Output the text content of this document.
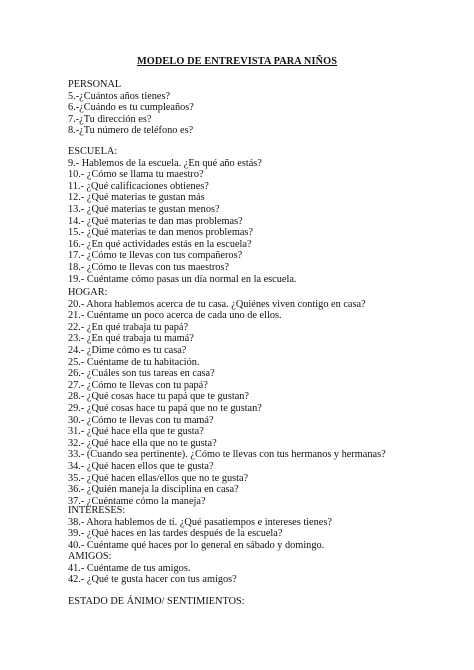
MODELO DE ENTREVISTA PARA NIÑOS
PERSONAL
5.-¿Cuántos años tienes?
6.-¿Cuándo es tu cumpleaños?
7.-¿Tu dirección es?
8.-¿Tu número de teléfono es?
ESCUELA:
9.- Hablemos de la escuela. ¿En qué año estás?
10.- ¿Cómo se llama tu maestro?
11.- ¿Qué calificaciones obtienes?
12.- ¿Qué materias te gustan más
13.- ¿Qué materias te gustan menos?
14.- ¿Qué materias te dan mas problemas?
15.- ¿Qué materias te dan menos problemas?
16.- ¿En qué actividades estás en la escuela?
17.- ¿Cómo te llevas con tus compañeros?
18.- ¿Cómo te llevas con tus maestros?
19.- Cuéntame cómo pasas un día normal en la escuela.
HOGAR:
20.- Ahora hablemos acerca de tu casa. ¿Quiénes viven contigo en casa?
21.- Cuéntame un poco acerca de cada uno de ellos.
22.- ¿En qué trabaja tu papá?
23.- ¿En qué trabaja tu mamá?
24.- ¿Dime cómo es tu casa?
25.- Cuéntame de tu habitación.
26.- ¿Cuáles son tus tareas en casa?
27.- ¿Cómo te llevas con tu papá?
28.- ¿Qué cosas hace tu papá que te gustan?
29.- ¿Qué cosas hace tu papá que no te gustan?
30.- ¿Cómo te llevas con tu mamá?
31.- ¿Qué hace ella que te gusta?
32.- ¿Qué hace ella que no te gusta?
33.- (Cuando sea pertinente). ¿Cómo te llevas con tus hermanos y hermanas?
34.- ¿Qué hacen ellos que te gusta?
35.- ¿Qué hacen ellas/ellos que no te gusta?
36.- ¿Quién maneja la disciplina en casa?
37.- ¿Cuéntame cómo la maneja?
INTERESES:
38.- Ahora hablemos de ti. ¿Qué pasatiempos e intereses tienes?
39.- ¿Qué haces en las tardes después de la escuela?
40.- Cuéntame qué haces por lo general en sábado y domingo.
AMIGOS:
41.- Cuéntame de tus amigos.
42.- ¿Qué te gusta hacer con tus amigos?
ESTADO DE ÁNIMO/ SENTIMIENTOS:
